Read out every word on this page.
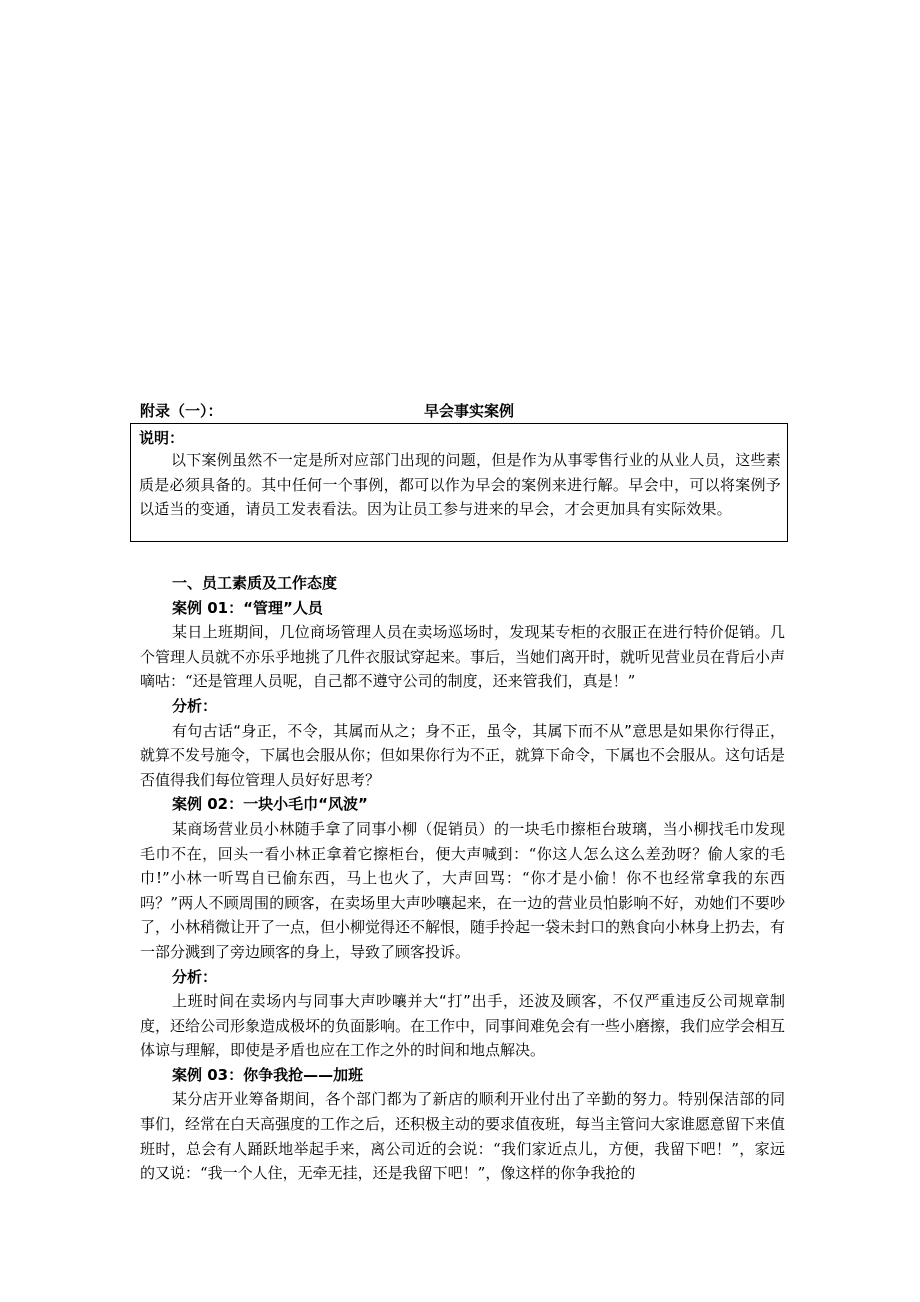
附录（一）：	早会事实案例
说明：
以下案例虽然不一定是所对应部门出现的问题，但是作为从事零售行业的从业人员，这些素质是必须具备的。其中任何一个事例，都可以作为早会的案例来进行解。早会中，可以将案例予以适当的变通，请员工发表看法。因为让员工参与进来的早会，才会更加具有实际效果。
一、员工素质及工作态度
案例 01：“管理”人员

某日上班期间，几位商场管理人员在卖场巡场时，发现某专柜的衣服正在进行特价促销。几个管理人员就不亦乐乎地挑了几件衣服试穿起来。事后，当她们离开时，就听见营业员在背后小声嘀咕：“还是管理人员呢，自己都不遵守公司的制度，还来管我们，真是！”

分析：

有句古话“身正，不令，其属而从之；身不正，虽令，其属下而不从”意思是如果你行得正，就算不发号施令，下属也会服从你；但如果你行为不正，就算下命令，下属也不会服从。这句话是否值得我们每位管理人员好好思考？

案例 02：一块小毛巾“风波”

某商场营业员小林随手拿了同事小柳（促销员）的一块毛巾擦柜台玻璃，当小柳找毛巾发现毛巾不在，回头一看小林正拿着它擦柜台，便大声喊到：“你这人怎么这么差劲呀？偷人家的毛巾!”小林一听骂自已偷东西，马上也火了，大声回骂：“你才是小偷！你不也经常拿我的东西吗？”两人不顾周围的顾客，在卖场里大声吵嚷起来，在一边的营业员怕影响不好，劝她们不要吵了，小林稍微让开了一点，但小柳觉得还不解恨，随手拎起一袋未封口的熟食向小林身上扔去，有一部分溅到了旁边顾客的身上，导致了顾客投诉。

分析：

上班时间在卖场内与同事大声吵嚷并大“打”出手，还波及顾客，不仅严重违反公司规章制度，还给公司形象造成极坏的负面影响。在工作中，同事间难免会有一些小磨擦，我们应学会相互体谅与理解，即使是矛盾也应在工作之外的时间和地点解决。

案例 03：你争我抢——加班

某分店开业筹备期间，各个部门都为了新店的顺利开业付出了辛勤的努力。特别保洁部的同事们，经常在白天高强度的工作之后，还积极主动的要求值夜班，每当主管问大家谁愿意留下来值班时，总会有人踊跃地举起手来，离公司近的会说：“我们家近点儿，方便，我留下吧！”，家远的又说：“我一个人住，无牵无挂，还是我留下吧！”，像这样的你争我抢的
